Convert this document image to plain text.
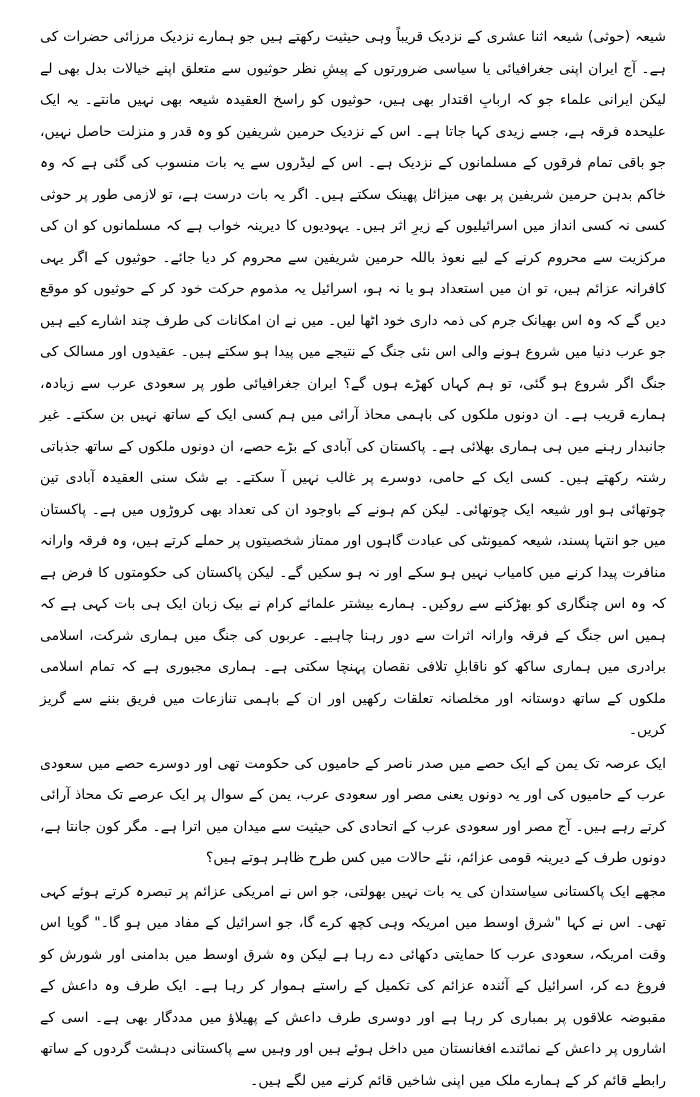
شیعہ (حوثی) شیعہ اثنا عشری کے نزدیک قریباً وہی حیثیت رکھتے ہیں جو ہمارے نزدیک مرزائی حضرات کی ہے۔ آج ایران اپنی جغرافیائی یا سیاسی ضرورتوں کے پیشِ نظر حوثیوں سے متعلق اپنے خیالات بدل بھی لے لیکن ایرانی علماء جو کہ اربابِ اقتدار بھی ہیں، حوثیوں کو راسخ العقیدہ شیعہ بھی نہیں مانتے۔ یہ ایک علیحدہ فرقہ ہے، جسے زیدی کہا جاتا ہے۔ اس کے نزدیک حرمین شریفین کو وہ قدر و منزلت حاصل نہیں، جو باقی تمام فرقوں کے مسلمانوں کے نزدیک ہے۔ اس کے لیڈروں سے یہ بات منسوب کی گئی ہے کہ وہ خاکم بدہن حرمین شریفین پر بھی میزائل پھینک سکتے ہیں۔ اگر یہ بات درست ہے، تو لازمی طور پر حوثی کسی نہ کسی انداز میں اسرائیلیوں کے زیرِ اثر ہیں۔ یہودیوں کا دیرینہ خواب ہے کہ مسلمانوں کو ان کی مرکزیت سے محروم کرنے کے لیے نعوذ باللہ حرمین شریفین سے محروم کر دیا جائے۔ حوثیوں کے اگر یہی کافرانہ عزائم ہیں، تو ان میں استعداد ہو یا نہ ہو، اسرائیل یہ مذموم حرکت خود کر کے حوثیوں کو موقع دیں گے کہ وہ اس بھیانک جرم کی ذمہ داری خود اٹھا لیں۔ میں نے ان امکانات کی طرف چند اشارے کیے ہیں جو عرب دنیا میں شروع ہونے والی اس نئی جنگ کے نتیجے میں پیدا ہو سکتے ہیں۔ عقیدوں اور مسالک کی جنگ اگر شروع ہو گئی، تو ہم کہاں کھڑے ہوں گے؟ ایران جغرافیائی طور پر سعودی عرب سے زیادہ، ہمارے قریب ہے۔ ان دونوں ملکوں کی باہمی محاذ آرائی میں ہم کسی ایک کے ساتھ نہیں بن سکتے۔ غیر جانبدار رہنے میں ہی ہماری بھلائی ہے۔ پاکستان کی آبادی کے بڑے حصے، ان دونوں ملکوں کے ساتھ جذباتی رشتہ رکھتے ہیں۔ کسی ایک کے حامی، دوسرے پر غالب نہیں آ سکتے۔ بے شک سنی العقیدہ آبادی تین چوتھائی ہو اور شیعہ ایک چوتھائی۔ لیکن کم ہونے کے باوجود ان کی تعداد بھی کروڑوں میں ہے۔ پاکستان میں جو انتہا پسند، شیعہ کمیونٹی کی عبادت گاہوں اور ممتاز شخصیتوں پر حملے کرتے ہیں، وہ فرقہ وارانہ منافرت پیدا کرنے میں کامیاب نہیں ہو سکے اور نہ ہو سکیں گے۔ لیکن پاکستان کی حکومتوں کا فرض ہے کہ وہ اس چنگاری کو بھڑکنے سے روکیں۔ ہمارے بیشتر علمائے کرام نے بیک زبان ایک ہی بات کہی ہے کہ ہمیں اس جنگ کے فرقہ وارانہ اثرات سے دور رہنا چاہیے۔ عربوں کی جنگ میں ہماری شرکت، اسلامی برادری میں ہماری ساکھ کو ناقابلِ تلافی نقصان پہنچا سکتی ہے۔ ہماری مجبوری ہے کہ تمام اسلامی ملکوں کے ساتھ دوستانہ اور مخلصانہ تعلقات رکھیں اور ان کے باہمی تنازعات میں فریق بننے سے گریز کریں۔

ایک عرصہ تک یمن کے ایک حصے میں صدر ناصر کے حامیوں کی حکومت تھی اور دوسرے حصے میں سعودی عرب کے حامیوں کی اور یہ دونوں یعنی مصر اور سعودی عرب، یمن کے سوال پر ایک عرصے تک محاذ آرائی کرتے رہے ہیں۔ آج مصر اور سعودی عرب کے اتحادی کی حیثیت سے میدان میں اترا ہے۔ مگر کون جانتا ہے، دونوں طرف کے دیرینہ قومی عزائم، نئے حالات میں کس طرح ظاہر ہوتے ہیں؟

مجھے ایک پاکستانی سیاستدان کی یہ بات نہیں بھولتی، جو اس نے امریکی عزائم پر تبصرہ کرتے ہوئے کہی تھی۔ اس نے کہا "شرق اوسط میں امریکہ وہی کچھ کرے گا، جو اسرائیل کے مفاد میں ہو گا۔" گویا اس وقت امریکہ، سعودی عرب کا حمایتی دکھائی دے رہا ہے لیکن وہ شرق اوسط میں بدامنی اور شورش کو فروغ دے کر، اسرائیل کے آئندہ عزائم کی تکمیل کے راستے ہموار کر رہا ہے۔ ایک طرف وہ داعش کے مقبوضہ علاقوں پر بمباری کر رہا ہے اور دوسری طرف داعش کے پھیلاؤ میں مددگار بھی ہے۔ اسی کے اشاروں پر داعش کے نمائندے افغانستان میں داخل ہوئے ہیں اور وہیں سے پاکستانی دہشت گردوں کے ساتھ رابطے قائم کر کے ہمارے ملک میں اپنی شاخیں قائم کرنے میں لگے ہیں۔
